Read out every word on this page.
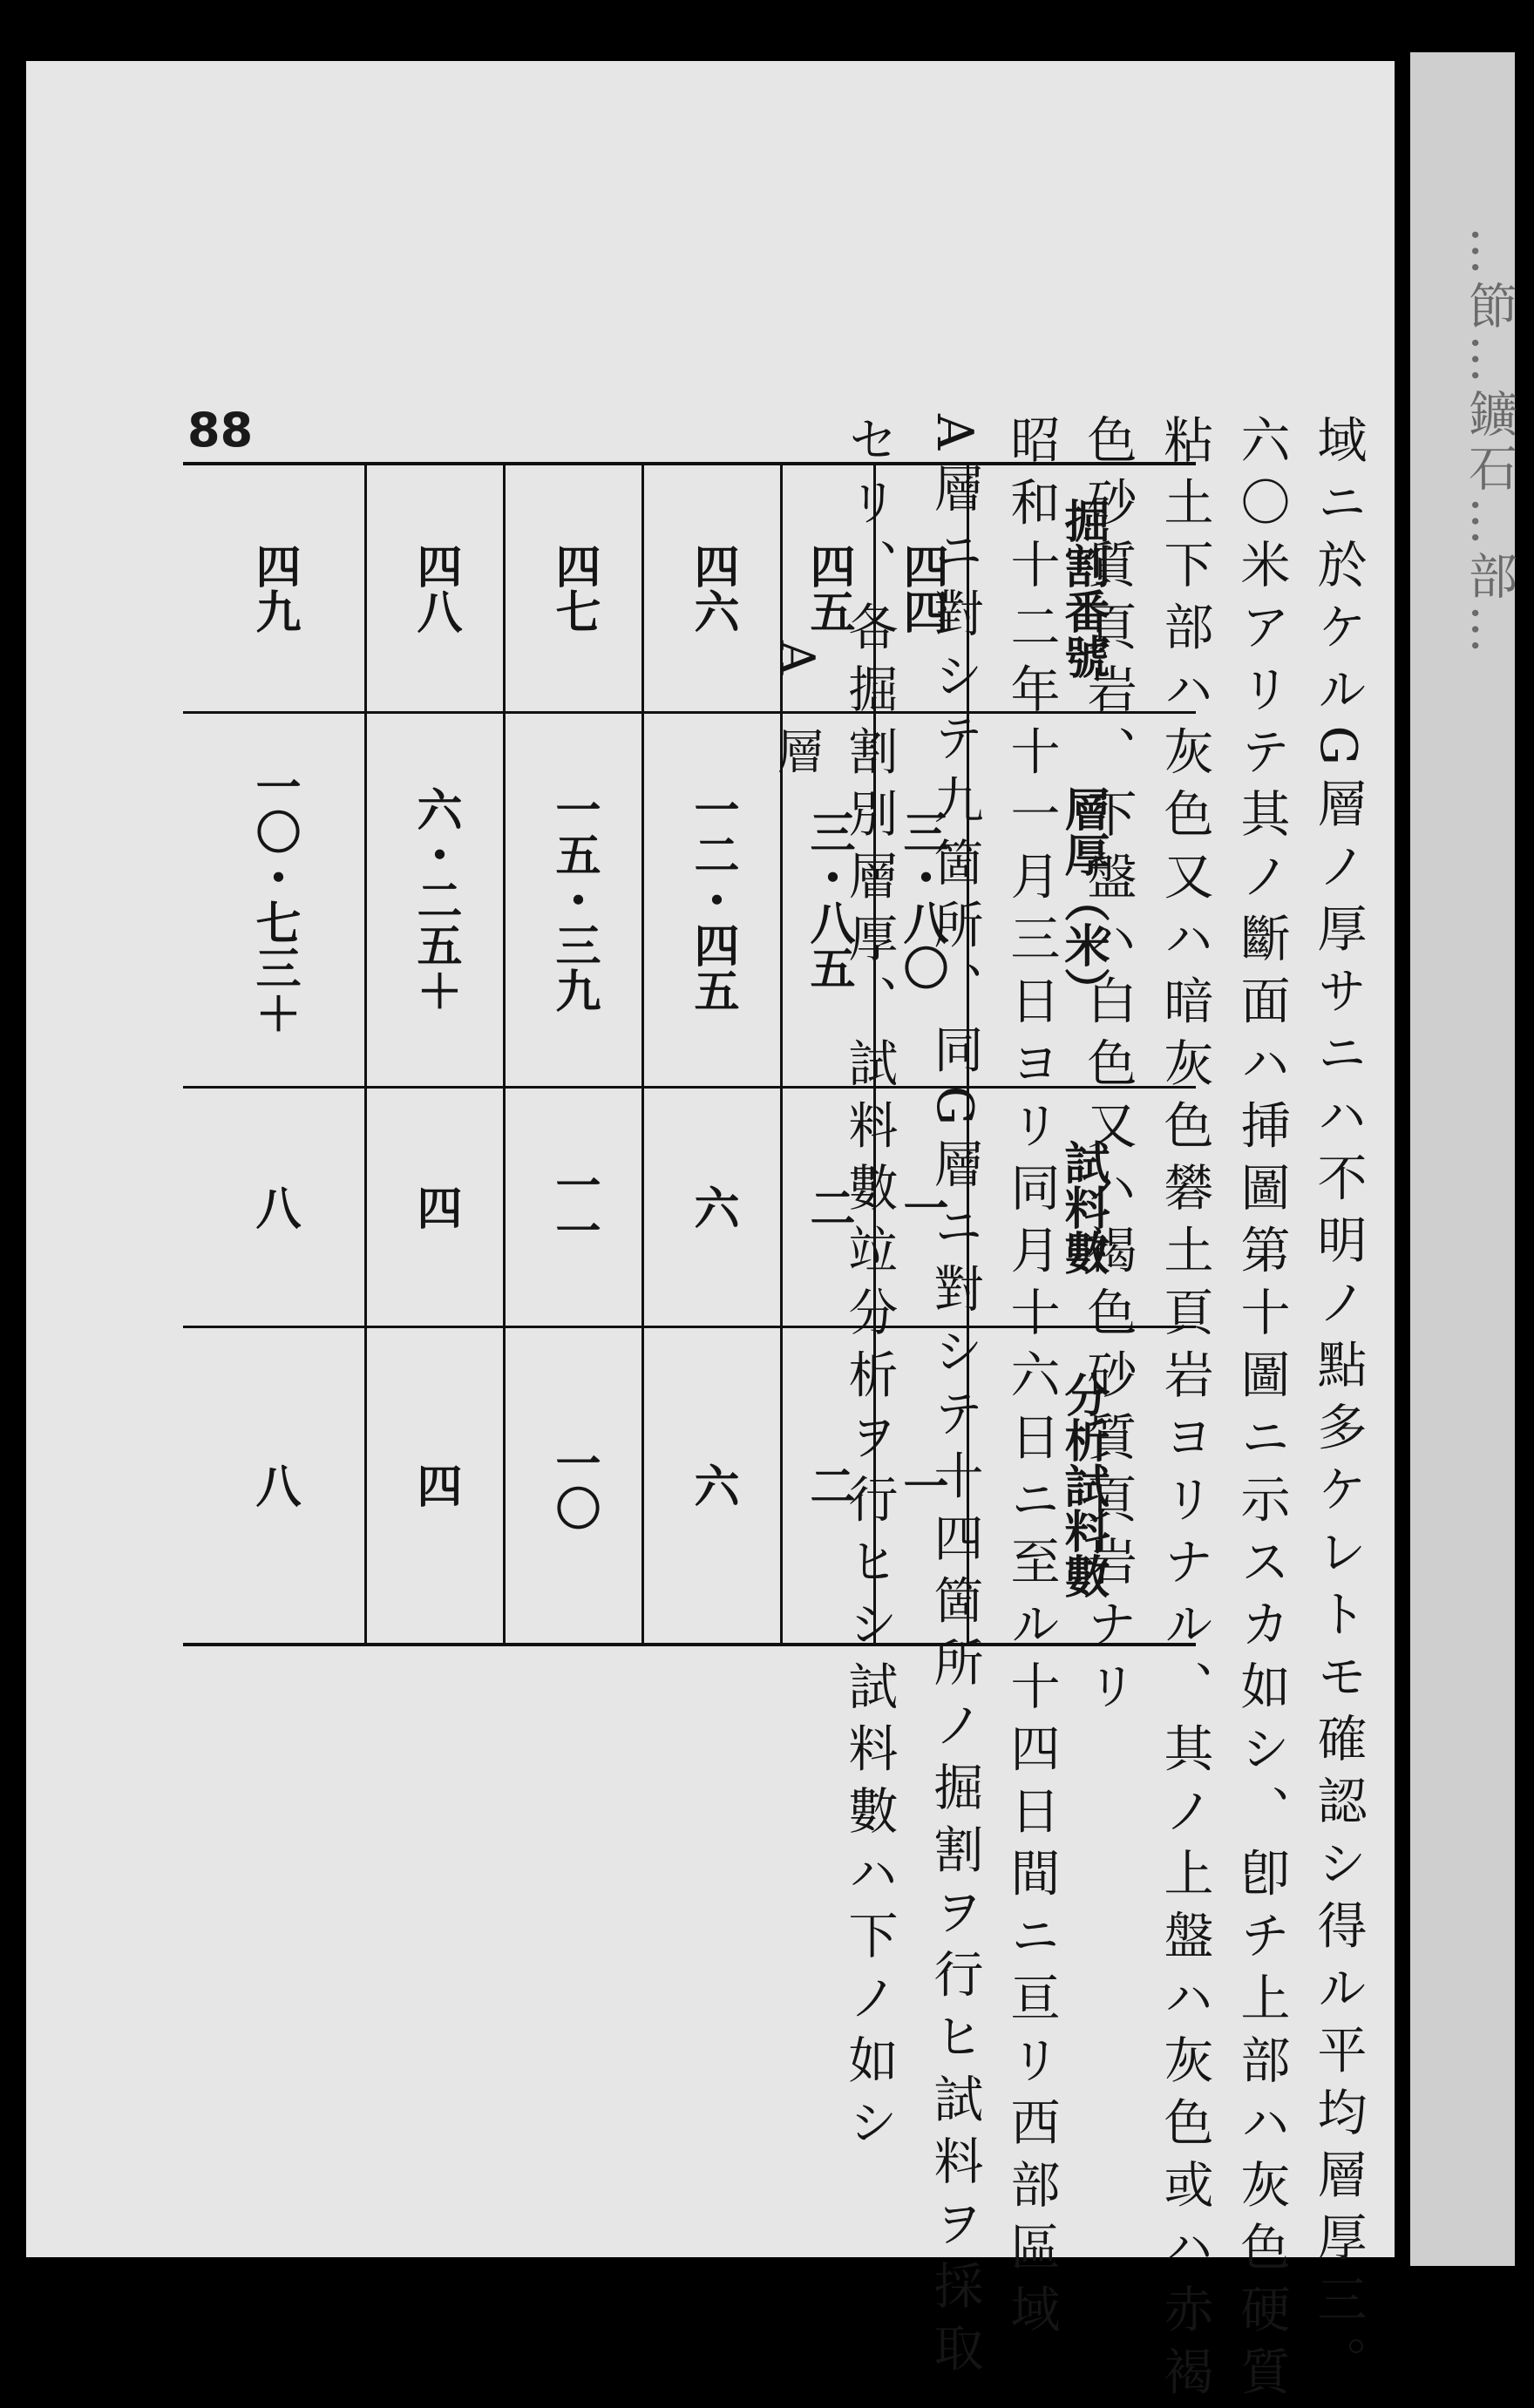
…節…鑛石…部…
88	域ニ於ケルG層ノ厚サニハ不明ノ點多ケレトモ確認シ得ル平均層厚三。
六〇米アリテ其ノ斷面ハ挿圖第十圖ニ示スカ如シ、卽チ上部ハ灰色硬質
粘土下部ハ灰色又ハ暗灰色礬土頁岩ヨリナル、其ノ上盤ハ灰色或ハ赤褐
色砂質頁岩、下盤ハ白色又ハ褐色砂質頁岩ナリ
昭和十二年十一月三日ヨリ同月十六日ニ至ル十四日間ニ亘リ西部區域
A層ニ對シテ九箇所、同G層ニ對シテ十四箇所ノ掘割ヲ行ヒ試料ヲ採取
セリ、各掘割別層厚、試料數竝分析ヲ行ヒシ試料數ハ下ノ如シ
A層
四九	四八	四七	四六	四五	四四	掘割番號
一〇・七三＋	六・二五＋	一五・三九	一二・四五	三・八五	三・八〇	層厚（米）
八	四	一一	六	二	一	試料數
八	四	一〇	六	二	一	分析試料數
